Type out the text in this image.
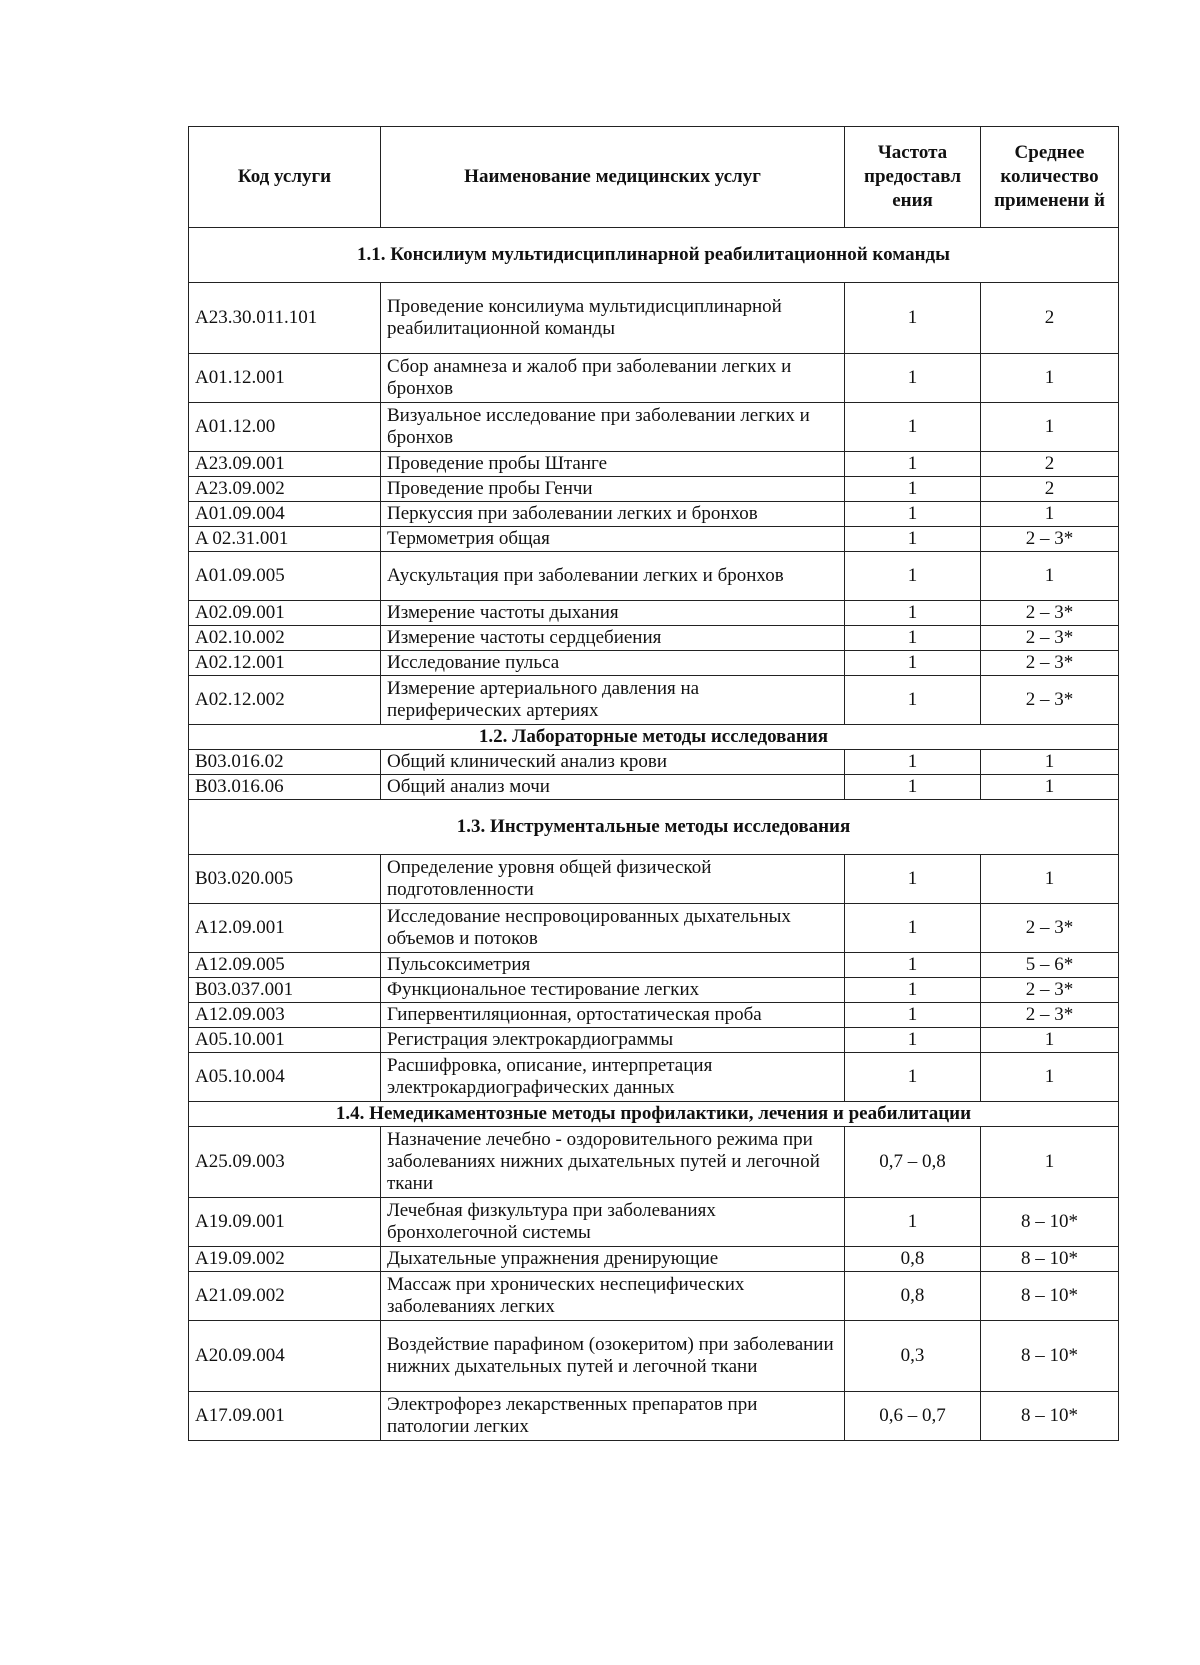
Код услуги	Наименование медицинских услуг	Частота предоставл ения	Среднее количество применени й
1.1. Консилиум мультидисциплинарной реабилитационной команды			
A23.30.011.101	Проведение консилиума мультидисциплинарной реабилитационной команды	1	2
A01.12.001	Сбор анамнеза и жалоб при заболевании легких и бронхов	1	1
A01.12.00	Визуальное исследование при заболевании легких и бронхов	1	1
A23.09.001	Проведение пробы Штанге	1	2
A23.09.002	Проведение пробы Генчи	1	2
A01.09.004	Перкуссия при заболевании легких и бронхов	1	1
A 02.31.001	Термометрия общая	1	2 – 3*
A01.09.005	Аускультация при заболевании легких и бронхов	1	1
A02.09.001	Измерение частоты дыхания	1	2 – 3*
A02.10.002	Измерение частоты сердцебиения	1	2 – 3*
A02.12.001	Исследование пульса	1	2 – 3*
A02.12.002	Измерение артериального давления на периферических артериях	1	2 – 3*
1.2. Лабораторные методы исследования			
B03.016.02	Общий клинический анализ крови	1	1
B03.016.06	Общий анализ мочи	1	1
1.3. Инструментальные методы исследования			
B03.020.005	Определение уровня общей физической подготовленности	1	1
A12.09.001	Исследование неспровоцированных дыхательных объемов и потоков	1	2 – 3*
A12.09.005	Пульсоксиметрия	1	5 – 6*
B03.037.001	Функциональное тестирование легких	1	2 – 3*
A12.09.003	Гипервентиляционная, ортостатическая проба	1	2 – 3*
A05.10.001	Регистрация электрокардиограммы	1	1
A05.10.004	Расшифровка, описание, интерпретация электрокардиографических данных	1	1
1.4. Немедикаментозные методы профилактики, лечения и реабилитации			
A25.09.003	Назначение лечебно - оздоровительного режима при заболеваниях нижних дыхательных путей и легочной ткани	0,7 – 0,8	1
A19.09.001	Лечебная физкультура при заболеваниях бронхолегочной системы	1	8 – 10*
A19.09.002	Дыхательные упражнения дренирующие	0,8	8 – 10*
A21.09.002	Массаж при хронических неспецифических заболеваниях легких	0,8	8 – 10*
A20.09.004	Воздействие парафином (озокеритом) при заболевании нижних дыхательных путей и легочной ткани	0,3	8 – 10*
A17.09.001	Электрофорез лекарственных препаратов при патологии легких	0,6 – 0,7	8 – 10*
